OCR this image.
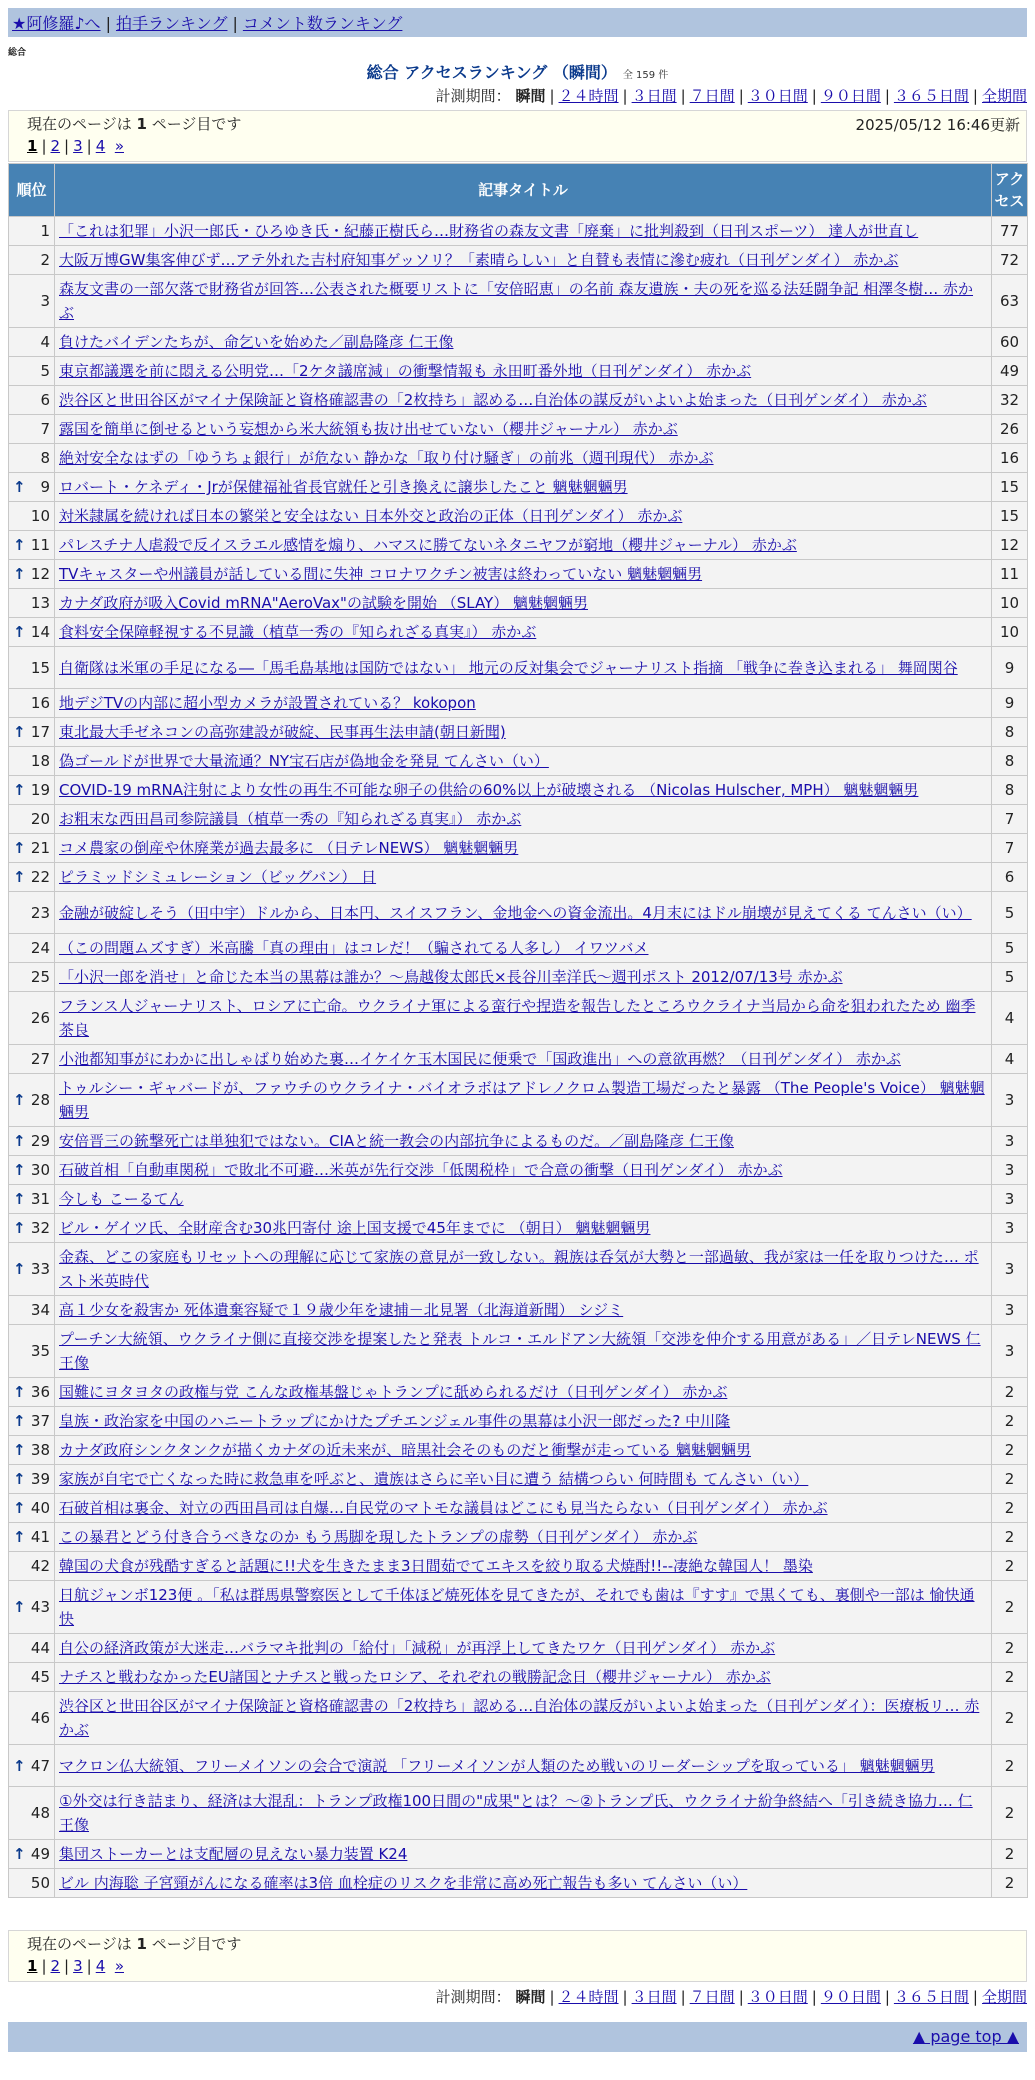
★阿修羅♪へ | 拍手ランキング | コメント数ランキング
総合
総合 アクセスランキング （瞬間） 全 159 件
計測期間： 瞬間 | ２４時間 | ３日間 | ７日間 | ３０日間 | ９０日間 | ３６５日間 | 全期間
現在のページは 1 ページ目です	2025/05/12 16:46更新
1 | 2 | 3 | 4 »
順位	記事タイトル	アクセス
1	「これは犯罪」小沢一郎氏・ひろゆき氏・紀藤正樹氏ら…財務省の森友文書「廃棄」に批判殺到（日刊スポーツ） 達人が世直し	77
2	大阪万博GW集客伸びず…アテ外れた吉村府知事ゲッソリ？「素晴らしい」と自賛も表情に滲む疲れ（日刊ゲンダイ） 赤かぶ	72
3	森友文書の一部欠落で財務省が回答…公表された概要リストに「安倍昭恵」の名前 森友遺族・夫の死を巡る法廷闘争記 相澤冬樹… 赤かぶ	63
4	負けたバイデンたちが、命乞いを始めた／副島隆彦 仁王像	60
5	東京都議選を前に悶える公明党…「2ケタ議席減」の衝撃情報も 永田町番外地（日刊ゲンダイ） 赤かぶ	49
6	渋谷区と世田谷区がマイナ保険証と資格確認書の「2枚持ち」認める…自治体の謀反がいよいよ始まった（日刊ゲンダイ） 赤かぶ	32
7	露国を簡単に倒せるという妄想から米大統領も抜け出せていない（櫻井ジャーナル） 赤かぶ	26
8	絶対安全なはずの「ゆうちょ銀行」が危ない 静かな「取り付け騒ぎ」の前兆（週刊現代） 赤かぶ	16

↑ 9	ロバート・ケネディ・Jrが保健福祉省長官就任と引き換えに譲歩したこと 魑魅魍魎男	15
10	対米隷属を続ければ日本の繁栄と安全はない 日本外交と政治の正体（日刊ゲンダイ） 赤かぶ	15

↑ 11	パレスチナ人虐殺で反イスラエル感情を煽り、ハマスに勝てないネタニヤフが窮地（櫻井ジャーナル） 赤かぶ	12

↑ 12	TVキャスターや州議員が話している間に失神 コロナワクチン被害は終わっていない 魑魅魍魎男	11
13	カナダ政府が吸入Covid mRNA"AeroVax"の試験を開始 （SLAY） 魑魅魍魎男	10

↑ 14	食料安全保障軽視する不見識（植草一秀の『知られざる真実』） 赤かぶ	10
15	自衛隊は米軍の手足になる―「馬毛島基地は国防ではない」 地元の反対集会でジャーナリスト指摘 「戦争に巻き込まれる」 舞岡関谷	9
16	地デジTVの内部に超小型カメラが設置されている？ kokopon	9

↑ 17	東北最大手ゼネコンの高弥建設が破綻、民事再生法申請(朝日新聞)	8
18	偽ゴールドが世界で大量流通？NY宝石店が偽地金を発見 てんさい（い）	8

↑ 19	COVID-19 mRNA注射により女性の再生不可能な卵子の供給の60%以上が破壊される （Nicolas Hulscher, MPH） 魑魅魍魎男	8
20	お粗末な西田昌司参院議員（植草一秀の『知られざる真実』） 赤かぶ	7

↑ 21	コメ農家の倒産や休廃業が過去最多に （日テレNEWS） 魑魅魍魎男	7

↑ 22	ピラミッドシミュレーション（ビッグバン） 日	6
23	金融が破綻しそう（田中宇）ドルから、日本円、スイスフラン、金地金への資金流出。4月末にはドル崩壊が見えてくる てんさい（い）	5
24	（この問題ムズすぎ）米高騰「真の理由」はコレだ！（騙されてる人多し） イワツバメ	5
25	「小沢一郎を消せ」と命じた本当の黒幕は誰か？～鳥越俊太郎氏×長谷川幸洋氏～週刊ポスト 2012/07/13号 赤かぶ	5
26	フランス人ジャーナリスト、ロシアに亡命。ウクライナ軍による蛮行や捏造を報告したところウクライナ当局から命を狙われたため 幽季 茶良	4
27	小池都知事がにわかに出しゃばり始めた裏…イケイケ玉木国民に便乗で「国政進出」への意欲再燃？（日刊ゲンダイ） 赤かぶ	4

↑ 28	トゥルシー・ギャバードが、ファウチのウクライナ・バイオラボはアドレノクロム製造工場だったと暴露 （The People's Voice） 魑魅魍魎男	3

↑ 29	安倍晋三の銃撃死亡は単独犯ではない。CIAと統一教会の内部抗争によるものだ。／副島隆彦 仁王像	3

↑ 30	石破首相「自動車関税」で敗北不可避…米英が先行交渉「低関税枠」で合意の衝撃（日刊ゲンダイ） 赤かぶ	3

↑ 31	今しも こーるてん	3

↑ 32	ビル・ゲイツ氏、全財産含む30兆円寄付 途上国支援で45年までに （朝日） 魑魅魍魎男	3

↑ 33	金森、どこの家庭もリセットへの理解に応じて家族の意見が一致しない。親族は呑気が大勢と一部過敏、我が家は一任を取りつけた… ポスト米英時代	3
34	高１少女を殺害か 死体遺棄容疑で１９歳少年を逮捕－北見署（北海道新聞） シジミ	3
35	プーチン大統領、ウクライナ側に直接交渉を提案したと発表 トルコ・エルドアン大統領「交渉を仲介する用意がある」／日テレNEWS 仁王像	3

↑ 36	国難にヨタヨタの政権与党 こんな政権基盤じゃトランプに舐められるだけ（日刊ゲンダイ） 赤かぶ	2

↑ 37	皇族・政治家を中国のハニートラップにかけたプチエンジェル事件の黒幕は小沢一郎だった? 中川隆	2

↑ 38	カナダ政府シンクタンクが描くカナダの近未来が、暗黒社会そのものだと衝撃が走っている 魑魅魍魎男	2

↑ 39	家族が自宅で亡くなった時に救急車を呼ぶと、遺族はさらに辛い目に遭う 結構つらい 何時間も てんさい（い）	2

↑ 40	石破首相は裏金、対立の西田昌司は自爆…自民党のマトモな議員はどこにも見当たらない（日刊ゲンダイ） 赤かぶ	2

↑ 41	この暴君とどう付き合うべきなのか もう馬脚を現したトランプの虚勢（日刊ゲンダイ） 赤かぶ	2
42	韓国の犬食が残酷すぎると話題に!!犬を生きたまま3日間茹でてエキスを絞り取る犬焼酎!!--凄絶な韓国人！ 墨染	2

↑ 43	日航ジャンボ123便 。「私は群馬県警察医として千体ほど焼死体を見てきたが、それでも歯は『すす』で黒くても、裏側や一部は 愉快通快	2
44	自公の経済政策が大迷走…バラマキ批判の「給付」「減税」が再浮上してきたワケ（日刊ゲンダイ） 赤かぶ	2
45	ナチスと戦わなかったEU諸国とナチスと戦ったロシア、それぞれの戦勝記念日（櫻井ジャーナル） 赤かぶ	2
46	渋谷区と世田谷区がマイナ保険証と資格確認書の「2枚持ち」認める…自治体の謀反がいよいよ始まった（日刊ゲンダイ）：医療板リ… 赤かぶ	2

↑ 47	マクロン仏大統領、フリーメイソンの会合で演説 「フリーメイソンが人類のため戦いのリーダーシップを取っている」 魑魅魍魎男	2
48	①外交は行き詰まり、経済は大混乱：トランプ政権100日間の"成果"とは？～②トランプ氏、ウクライナ紛争終結へ「引き続き協力… 仁王像	2

↑ 49	集団ストーカーとは支配層の見えない暴力装置 K24	2
50	ビル 内海聡 子宮頸がんになる確率は3倍 血栓症のリスクを非常に高め死亡報告も多い てんさい（い）	2
現在のページは 1 ページ目です
1 | 2 | 3 | 4 »
計測期間： 瞬間 | ２４時間 | ３日間 | ７日間 | ３０日間 | ９０日間 | ３６５日間 | 全期間
▲ page top ▲
